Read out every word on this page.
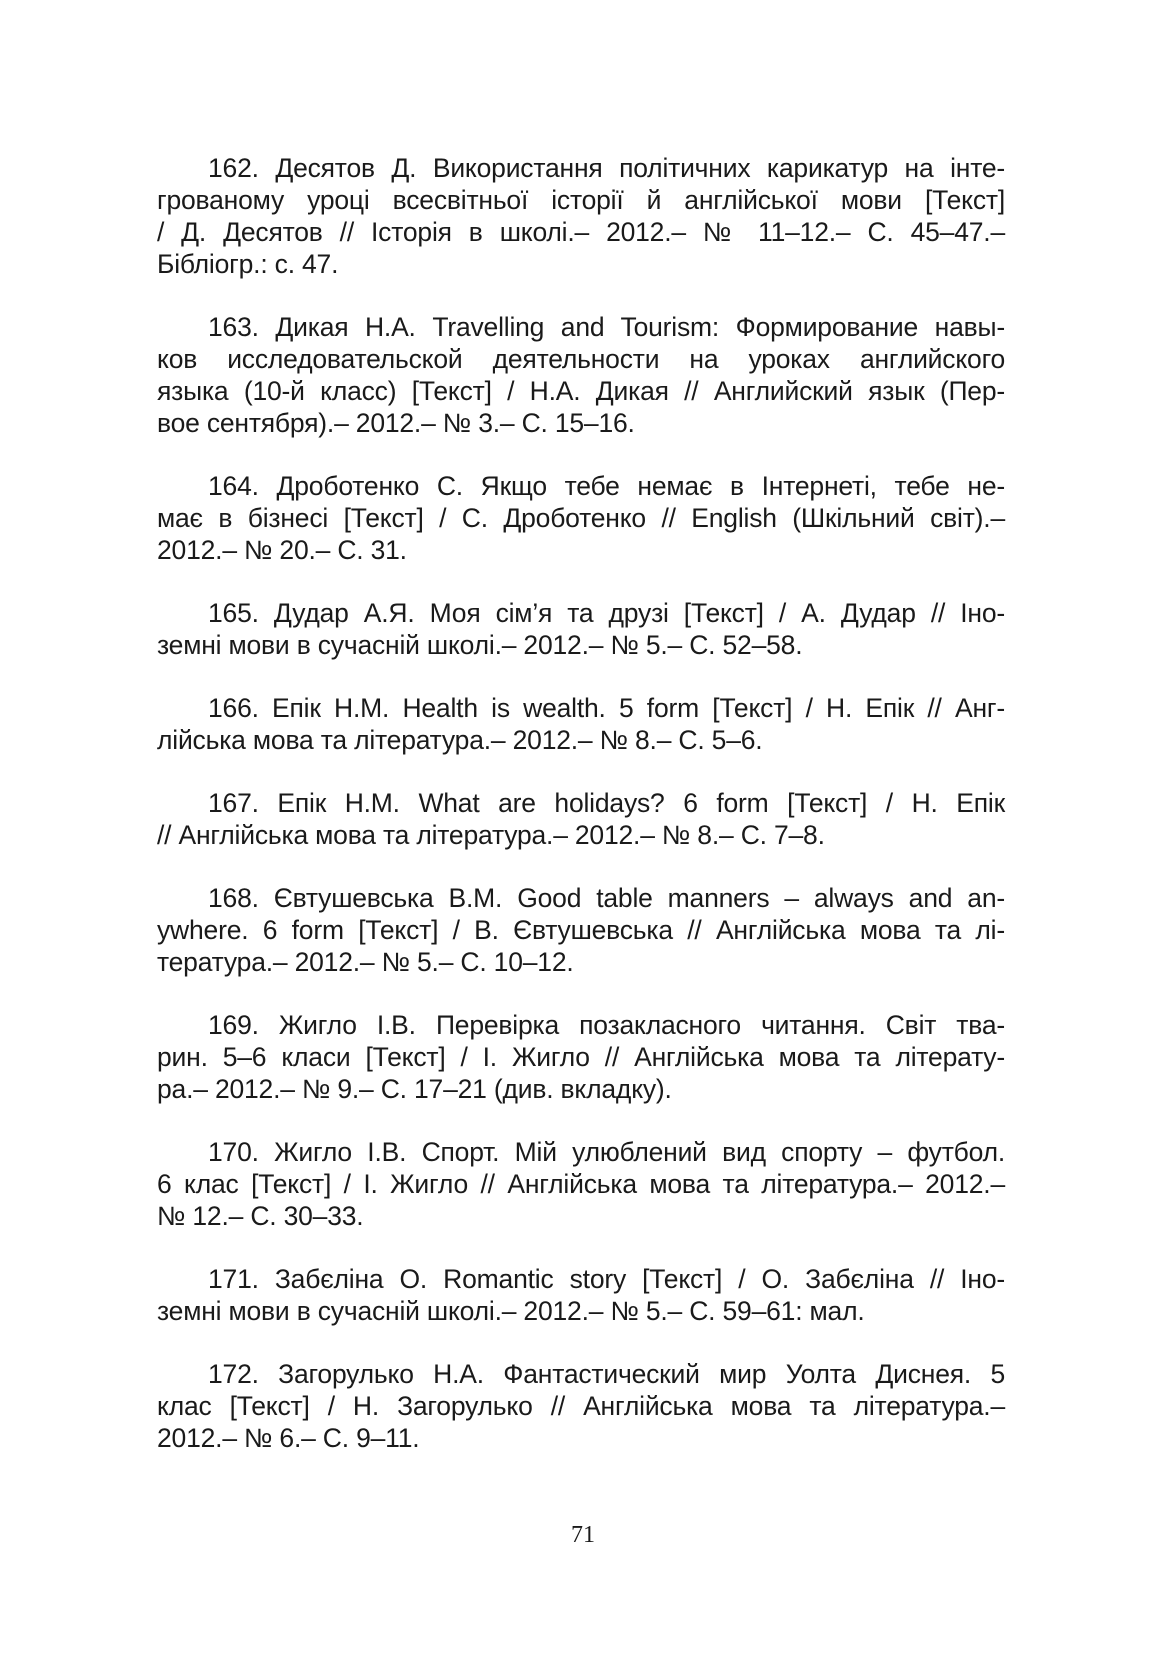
162. Десятов Д. Використання політичних карикатур на інте-
грованому уроці всесвітньої історії й англійської мови [Текст]
/ Д. Десятов // Історія в школі.– 2012.– № 11–12.– С. 45–47.–
Бібліогр.: с. 47.
163. Дикая Н.А. Travelling and Tourism: Формирование навы-
ков исследовательской деятельности на уроках английского
языка (10-й класс) [Текст] / Н.А. Дикая // Английский язык (Пер-
вое сентября).– 2012.– № 3.– С. 15–16.
164. Дроботенко С. Якщо тебе немає в Інтернеті, тебе не-
має в бізнесі [Текст] / С. Дроботенко // English (Шкільний світ).–
2012.– № 20.– С. 31.
165. Дудар А.Я. Моя сім’я та друзі [Текст] / А. Дудар // Іно-
земні мови в сучасній школі.– 2012.– № 5.– С. 52–58.
166. Епік Н.М. Health is wealth. 5 form [Текст] / Н. Епік // Анг-
лійська мова та література.– 2012.– № 8.– С. 5–6.
167. Епік Н.М. What are holidays? 6 form [Текст] / Н. Епік
// Англійська мова та література.– 2012.– № 8.– С. 7–8.
168. Євтушевська В.М. Good table manners – always and an-
ywhere. 6 form [Текст] / В. Євтушевська // Англійська мова та лі-
тература.– 2012.– № 5.– С. 10–12.
169. Жигло І.В. Перевірка позакласного читання. Світ тва-
рин. 5–6 класи [Текст] / І. Жигло // Англійська мова та літерату-
ра.– 2012.– № 9.– С. 17–21 (див. вкладку).
170. Жигло І.В. Спорт. Мій улюблений вид спорту – футбол.
6 клас [Текст] / І. Жигло // Англійська мова та література.– 2012.–
№ 12.– С. 30–33.
171. Забєліна О. Romantic story [Текст] / О. Забєліна // Іно-
земні мови в сучасній школі.– 2012.– № 5.– С. 59–61: мал.
172. Загорулько Н.А. Фантастический мир Уолта Диснея. 5
клас [Текст] / Н. Загорулько // Англійська мова та література.–
2012.– № 6.– С. 9–11.
71
